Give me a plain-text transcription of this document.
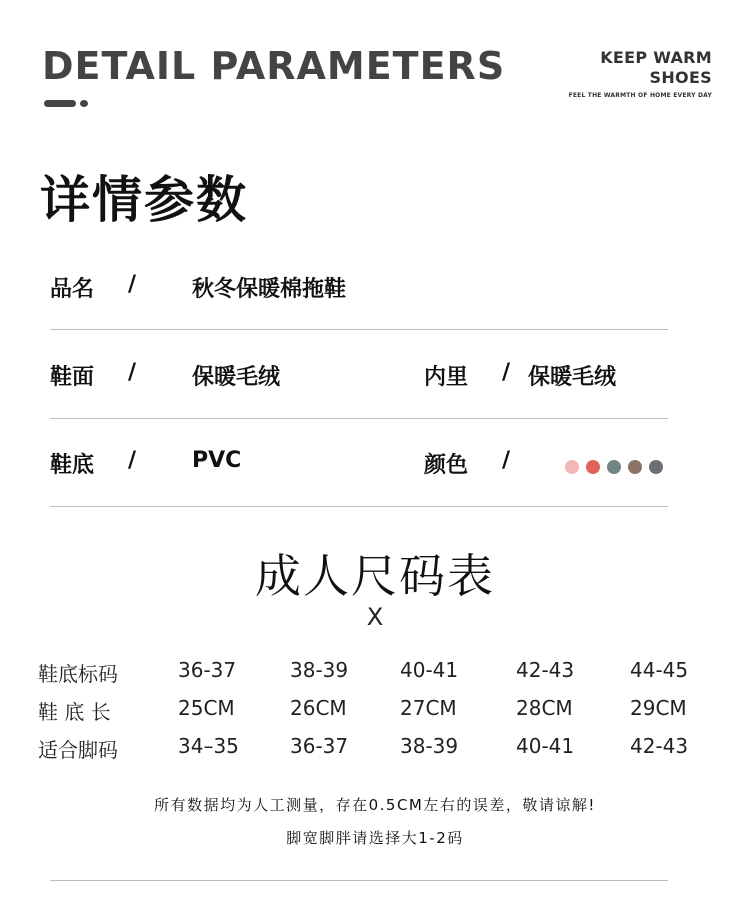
DETAIL PARAMETERS	KEEP WARM
SHOES
FEEL THE WARMTH OF HOME EVERY DAY
详情参数
品名 /	秋冬保暖棉拖鞋
鞋面 /	保暖毛绒	内里 / 保暖毛绒
鞋底 /	PVC	颜色 /
成人尺码表
X
鞋底标码	36-37	38-39	40-41	42-43	44-45
鞋 底 长	25CM	26CM	27CM	28CM	29CM
适合脚码	34–35	36-37	38-39	40-41	42-43
所有数据均为人工测量，存在0.5CM左右的误差，敬请谅解!
脚宽脚胖请选择大1-2码
